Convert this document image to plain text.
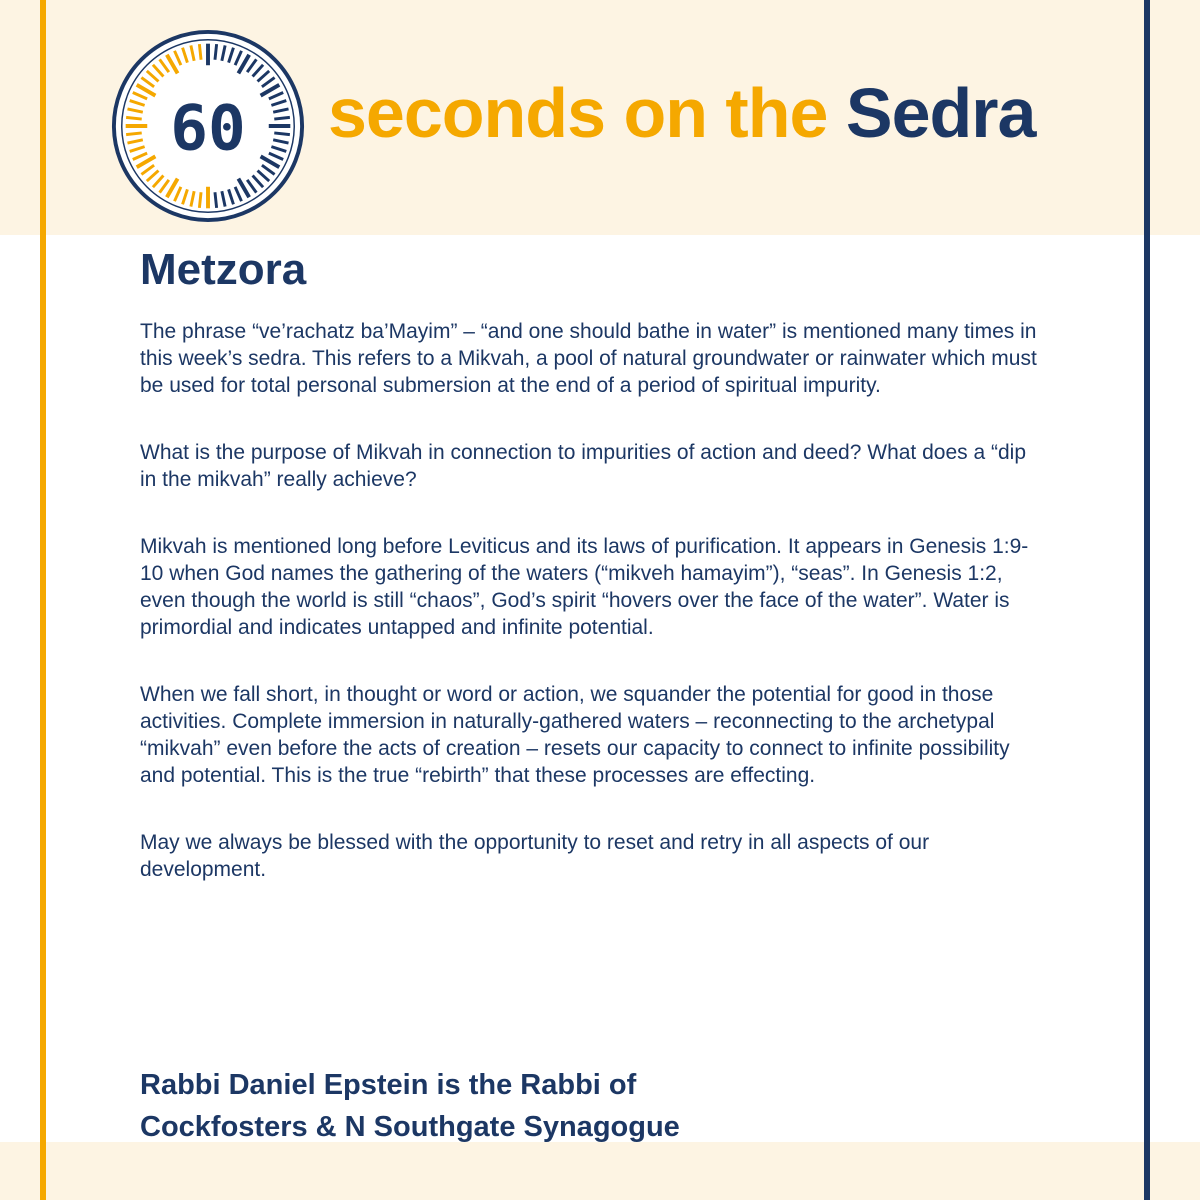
60 seconds on the Sedra
Metzora

The phrase “ve’rachatz ba’Mayim” – “and one should bathe in water” is mentioned many times in this week’s sedra. This refers to a Mikvah, a pool of natural groundwater or rainwater which must be used for total personal submersion at the end of a period of spiritual impurity.

What is the purpose of Mikvah in connection to impurities of action and deed? What does a “dip in the mikvah” really achieve?

Mikvah is mentioned long before Leviticus and its laws of purification. It appears in Genesis 1:9-10 when God names the gathering of the waters (“mikveh hamayim”), “seas”. In Genesis 1:2, even though the world is still “chaos”, God’s spirit “hovers over the face of the water”. Water is primordial and indicates untapped and infinite potential.

When we fall short, in thought or word or action, we squander the potential for good in those activities. Complete immersion in naturally-gathered waters – reconnecting to the archetypal “mikvah” even before the acts of creation – resets our capacity to connect to infinite possibility and potential. This is the true “rebirth” that these processes are effecting.

May we always be blessed with the opportunity to reset and retry in all aspects of our development.

Rabbi Daniel Epstein is the Rabbi of
Cockfosters & N Southgate Synagogue
